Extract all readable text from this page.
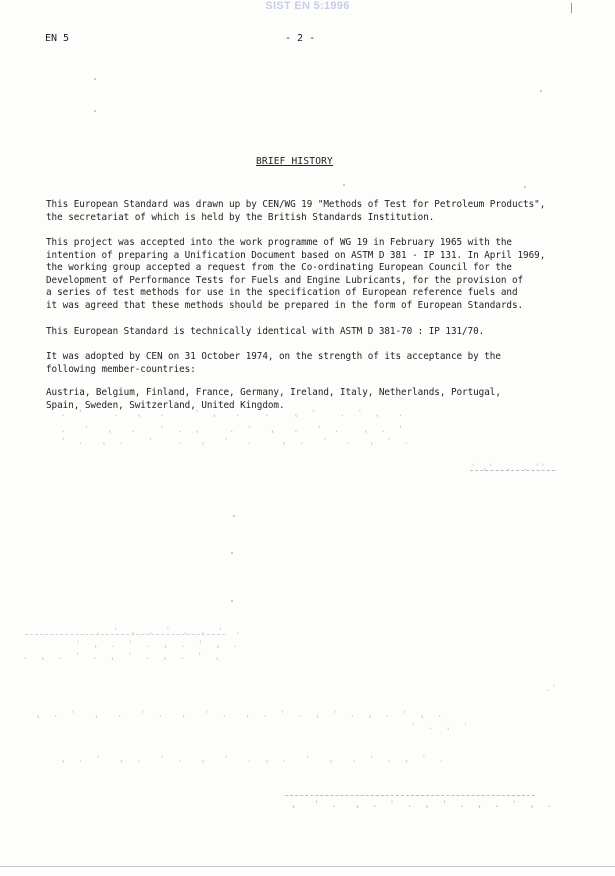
SIST EN 5:1996
EN 5	- 2 -
BRIEF HISTORY
This European Standard was drawn up by CEN/WG 19 "Methods of Test for Petroleum Products",
the secretariat of which is held by the British Standards Institution.
This project was accepted into the work programme of WG 19 in February 1965 with the
intention of preparing a Unification Document based on ASTM D 381 - IP 131. In April 1969,
the working group accepted a request from the Co-ordinating European Council for the
Development of Performance Tests for Fuels and Engine Lubricants, for the provision of
a series of test methods for use in the specification of European reference fuels and
it was agreed that these methods should be prepared in the form of European Standards.
This European Standard is technically identical with ASTM D 381-70 : IP 131/70.
It was adopted by CEN on 31 October 1974, on the strength of its acceptance by the
following member-countries:
Austria, Belgium, Finland, France, Germany, Ireland, Italy, Netherlands, Portugal,
Spain, Sweden, Switzerland, United Kingdom.
.   ,  '  .    '  ,    .    .   ,  '     .   ,   .     '  .
'  .  ,    .  '   .   ,   '  .     ,  .  '    .   ,   '   .
.  '  ,   .   '   .  ,     .   '   ,   .    '    .  ,   .  '
'' .  ,  ', '
.  '  ,  .  '  .  ,  '  .
.  ,  '  .  ,  .  '  .  ,  '
,  '  .  ,  .  '  ,  .  '  .  ,  .
.  ,  '  .  ,  .  '  ,  .  '  .  ,   .  '   ,   .  '   .   ,   '  .  ,
'  ,  .  '
.  '  ,  .  '  .   ,   '   .  ,  .   '   ,   .  '   .  ,   '  .  ,
.  ,  '  .  ,  .  '  ,  .  '  .  ,   .  '   ,
'.
